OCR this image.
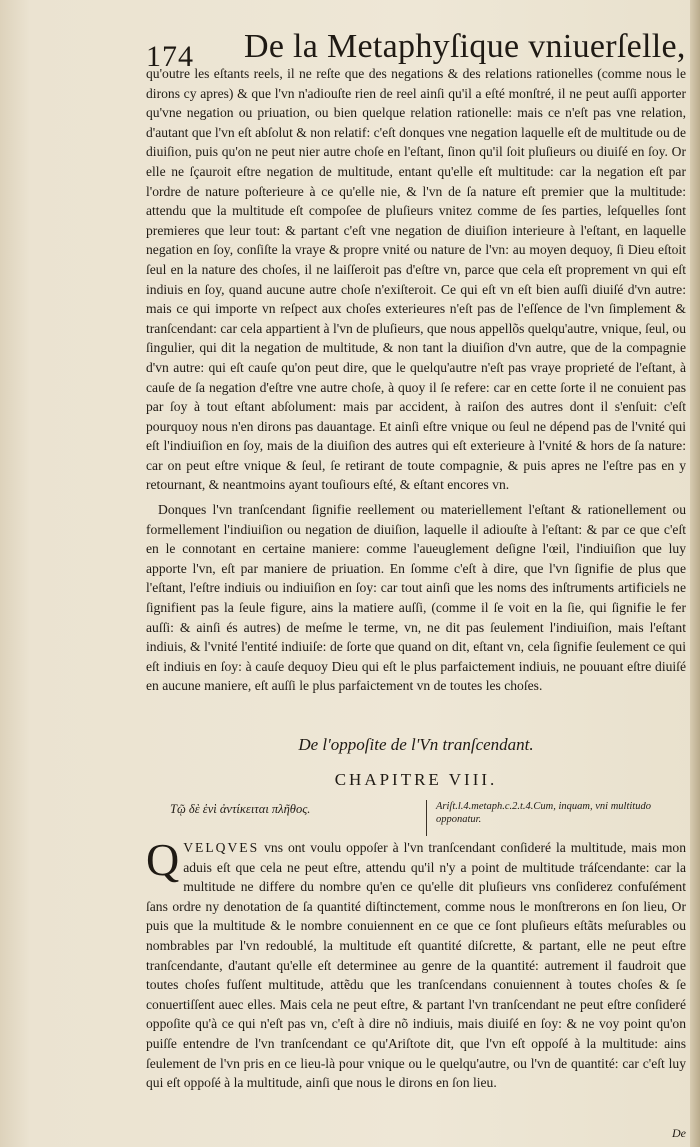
174 De la Metaphyſique vniuerſelle,
qu'outre les eſtants reels, il ne reſte que des negations & des relations rationelles (comme nous le dirons cy apres) & que l'vn n'adiouſte rien de reel ainſi qu'il a eſté monſtré, il ne peut auſſi apporter qu'vne negation ou priuation, ou bien quelque relation rationelle: mais ce n'eſt pas vne relation, d'autant que l'vn eſt abſolut & non relatif: c'eſt donques vne negation laquelle eſt de multitude ou de diuiſion, puis qu'on ne peut nier autre choſe en l'eſtant, ſinon qu'il ſoit pluſieurs ou diuiſé en ſoy. Or elle ne ſçauroit eſtre negation de multitude, entant qu'elle eſt multitude: car la negation eſt par l'ordre de nature poſterieure à ce qu'elle nie, & l'vn de ſa nature eſt premier que la multitude: attendu que la multitude eſt compoſee de pluſieurs vnitez comme de ſes parties, leſquelles ſont premieres que leur tout: & partant c'eſt vne negation de diuiſion interieure à l'eſtant, en laquelle negation en ſoy, conſiſte la vraye & propre vnité ou nature de l'vn: au moyen dequoy, ſi Dieu eſtoit ſeul en la nature des choſes, il ne laiſſeroit pas d'eſtre vn, parce que cela eſt proprement vn qui eſt indiuis en ſoy, quand aucune autre choſe n'exiſteroit. Ce qui eſt vn eſt bien auſſi diuiſé d'vn autre: mais ce qui importe vn reſpect aux choſes exterieures n'eſt pas de l'eſſence de l'vn ſimplement & tranſcendant: car cela appartient à l'vn de pluſieurs, que nous appellõs quelqu'autre, vnique, ſeul, ou ſingulier, qui dit la negation de multitude, & non tant la diuiſion d'vn autre, que de la compagnie d'vn autre: qui eſt cauſe qu'on peut dire, que le quelqu'autre n'eſt pas vraye proprieté de l'eſtant, à cauſe de ſa negation d'eſtre vne autre choſe, à quoy il ſe refere: car en cette ſorte il ne conuient pas par ſoy à tout eſtant abſolument: mais par accident, à raiſon des autres dont il s'enſuit: c'eſt pourquoy nous n'en dirons pas dauantage. Et ainſi eſtre vnique ou ſeul ne dépend pas de l'vnité qui eſt l'indiuiſion en ſoy, mais de la diuiſion des autres qui eſt exterieure à l'vnité & hors de ſa nature: car on peut eſtre vnique & ſeul, ſe retirant de toute compagnie, & puis apres ne l'eſtre pas en y retournant, & neantmoins ayant touſiours eſté, & eſtant encores vn.
Donques l'vn tranſcendant ſignifie reellement ou materiellement l'eſtant & rationellement ou formellement l'indiuiſion ou negation de diuiſion, laquelle il adiouſte à l'eſtant: & par ce que c'eſt en le connotant en certaine maniere: comme l'aueuglement deſigne l'œil, l'indiuiſion que luy apporte l'vn, eſt par maniere de priuation. En ſomme c'eſt à dire, que l'vn ſignifie de plus que l'eſtant, l'eſtre indiuis ou indiuiſion en ſoy: car tout ainſi que les noms des inſtruments artificiels ne ſignifient pas la ſeule figure, ains la matiere auſſi, (comme il ſe voit en la ſie, qui ſignifie le fer auſſi: & ainſi és autres) de meſme le terme, vn, ne dit pas ſeulement l'indiuiſion, mais l'eſtant indiuis, & l'vnité l'entité indiuiſe: de ſorte que quand on dit, eſtant vn, cela ſignifie ſeulement ce qui eſt indiuis en ſoy: à cauſe dequoy Dieu qui eſt le plus parfaictement indiuis, ne pouuant eſtre diuiſé en aucune maniere, eſt auſſi le plus parfaictement vn de toutes les choſes.
De l'oppoſite de l'Vn tranſcendant.
CHAPITRE VIII.
Τῷ δὲ ἑνὶ ἀντίκειται πλῆθος.	Ariſt.l.4.metaph.c.2.t.4.Cum, inquam, vni multitudo opponatur.
QVELQVES vns ont voulu oppoſer à l'vn tranſcendant conſideré la multitude, mais mon aduis eſt que cela ne peut eſtre, attendu qu'il n'y a point de multitude tráſcendante: car la multitude ne differe du nombre qu'en ce qu'elle dit pluſieurs vns conſiderez confuſément ſans ordre ny denotation de ſa quantité diſtinctement, comme nous le monſtrerons en ſon lieu, Or puis que la multitude & le nombre conuiennent en ce que ce ſont pluſieurs eſtãts meſurables ou nombrables par l'vn redoublé, la multitude eſt quantité diſcrette, & partant, elle ne peut eſtre tranſcendante, d'autant qu'elle eſt determinee au genre de la quantité: autrement il faudroit que toutes choſes fuſſent multitude, attẽdu que les tranſcendans conuiennent à toutes choſes & ſe conuertiſſent auec elles. Mais cela ne peut eſtre, & partant l'vn tranſcendant ne peut eſtre conſideré oppoſite qu'à ce qui n'eſt pas vn, c'eſt à dire nõ indiuis, mais diuiſé en ſoy: & ne voy point qu'on puiſſe entendre de l'vn tranſcendant ce qu'Ariſtote dit, que l'vn eſt oppoſé à la multitude: ains ſeulement de l'vn pris en ce lieu-là pour vnique ou le quelqu'autre, ou l'vn de quantité: car c'eſt luy qui eſt oppoſé à la multitude, ainſi que nous le dirons en ſon lieu.
De
